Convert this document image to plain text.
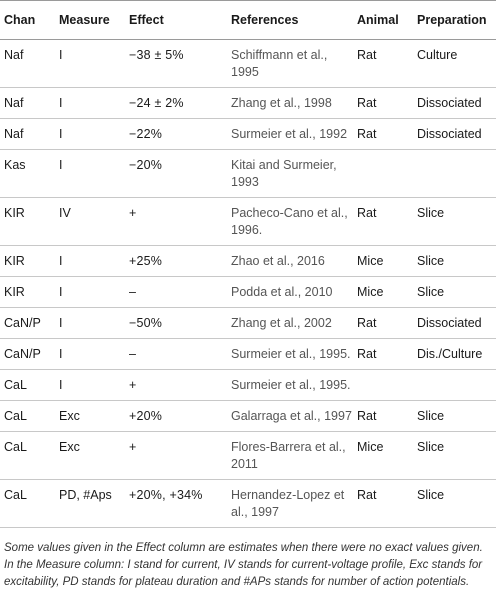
Chan	Measure	Effect	References	Animal	Preparation
Naf	I	−38 ± 5%	Schiffmann et al., 1995	Rat	Culture
Naf	I	−24 ± 2%	Zhang et al., 1998	Rat	Dissociated
Naf	I	−22%	Surmeier et al., 1992	Rat	Dissociated
Kas	I	−20%	Kitai and Surmeier, 1993		
KIR	IV	+	Pacheco-Cano et al., 1996.	Rat	Slice
KIR	I	+25%	Zhao et al., 2016	Mice	Slice
KIR	I	–	Podda et al., 2010	Mice	Slice
CaN/P	I	−50%	Zhang et al., 2002	Rat	Dissociated
CaN/P	I	–	Surmeier et al., 1995.	Rat	Dis./Culture
CaL	I	+	Surmeier et al., 1995.		
CaL	Exc	+20%	Galarraga et al., 1997	Rat	Slice
CaL	Exc	+	Flores-Barrera et al., 2011	Mice	Slice
CaL	PD, #Aps	+20%, +34%	Hernandez-Lopez et al., 1997	Rat	Slice
Some values given in the Effect column are estimates when there were no exact values given. In the Measure column: I stand for current, IV stands for current-voltage profile, Exc stands for excitability, PD stands for plateau duration and #APs stands for number of action potentials.
